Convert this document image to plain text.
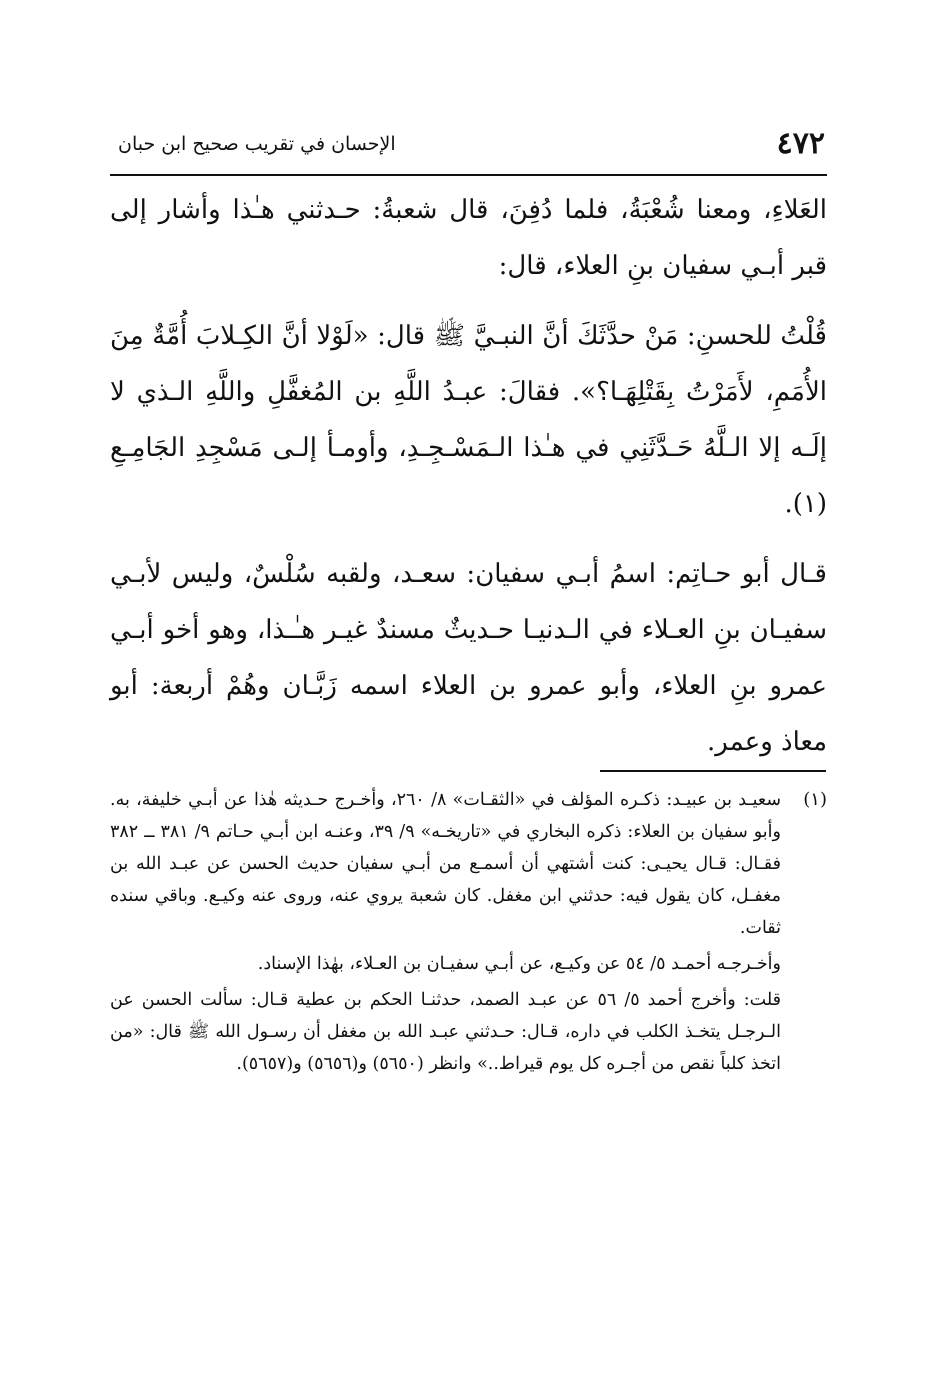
٤٧٢
الإحسان في تقريب صحيح ابن حبان

العَلاءِ، ومعنا شُعْبَةُ، فلما دُفِنَ، قال شعبةُ: حـدثني هـٰذا وأشار إلى قبر أبـي سفيان بنِ العلاء، قال:

قُلْتُ للحسنِ: مَنْ حدَّثَكَ أنَّ النبـيَّ ﷺ قال: «لَوْلا أنَّ الكِـلابَ أُمَّةٌ مِنَ الأُمَمِ، لأَمَرْتُ بِقَتْلِهَـا؟». فقالَ: عبـدُ اللَّهِ بن المُغفَّلِ واللَّهِ الـذي لا إلَـه إلا الـلَّهُ حَـدَّثَنِي في هـٰذا الـمَسْـجِـدِ، وأومـأ إلـى مَسْجِدِ الجَامِـعِ (١).

قـال أبو حـاتِم: اسمُ أبـي سفيان: سعـد، ولقبه سُلْسٌ، وليس لأبـي سفيـان بنِ العـلاء في الـدنيـا حـديثٌ مسندٌ غيـر هـٰـذا، وهو أخو أبـي عمرو بنِ العلاء، وأبو عمرو بن العلاء اسمه زَبَّـان وهُمْ أربعة: أبو معاذ وعمر.

(١)

سعيـد بن عبيـد: ذكـره المؤلف في «الثقـات» ٨/ ٢٦٠، وأخـرج حـديثه هٰذا عن أبـي خليفة، به. وأبو سفيان بن العلاء: ذكره البخاري في «تاريخـه» ٩/ ٣٩، وعنـه ابن أبـي حـاتم ٩/ ٣٨١ ــ ٣٨٢ فقـال: قـال يحيـى: كنت أشتهي أن أسمـع من أبـي سفيان حديث الحسن عن عبـد الله بن مغفـل، كان يقول فيه: حدثني ابن مغفل. كان شعبة يروي عنه، وروى عنه وكيـع. وباقي سنده ثقات.

وأخـرجـه أحمـد ٥/ ٥٤ عن وكيـع، عن أبـي سفيـان بن العـلاء، بهٰذا الإسناد.

قلت: وأخرج أحمد ٥/ ٥٦ عن عبـد الصمد، حدثنـا الحكم بن عطية قـال: سألت الحسن عن الـرجـل يتخـذ الكلب في داره، قـال: حـدثني عبـد الله بن مغفل أن رسـول الله ﷺ قال: «من اتخذ كلباً نقص من أجـره كل يوم قيراط..» وانظر (٥٦٥٠) و(٥٦٥٦) و(٥٦٥٧).
